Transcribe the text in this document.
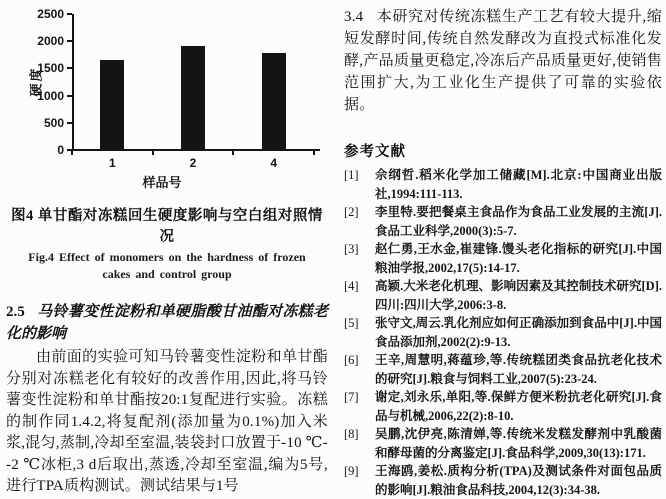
0
500
1000
1500
2000
2500
1	2	4
硬度
样品号
图4 单甘酯对冻糕回生硬度影响与空白组对照情况
Fig.4 Effect of monomers on the hardness of frozen
cakes and control group
2.5 马铃薯变性淀粉和单硬脂酸甘油酯对冻糕老化的影响
由前面的实验可知马铃薯变性淀粉和单甘酯分别对冻糕老化有较好的改善作用,因此,将马铃薯变性淀粉和单甘酯按20:1复配进行实验。冻糕的制作同1.4.2,将复配剂(添加量为0.1%)加入米浆,混匀,蒸制,冷却至室温,装袋封口放置于-10 ℃- -2 ℃冰柜,3 d后取出,蒸透,冷却至室温,编为5号,进行TPA质构测试。测试结果与1号
3.4 本研究对传统冻糕生产工艺有较大提升,缩短发酵时间,传统自然发酵改为直投式标准化发酵,产品质量更稳定,冷冻后产品质量更好,使销售范围扩大,为工业化生产提供了可靠的实验依据。
参考文献
[1]	佘纲哲.稻米化学加工储藏[M].北京:中国商业出版社,1994:111-113.
[2]	李里特.要把餐桌主食品作为食品工业发展的主流[J].食品工业科学,2000(3):5-7.
[3]	赵仁勇,王水金,崔建锋.馒头老化指标的研究[J].中国粮油学报,2002,17(5):14-17.
[4]	高颖.大米老化机理、影响因素及其控制技术研究[D].四川:四川大学,2006:3-8.
[5]	张守文,周云.乳化剂应如何正确添加到食品中[J].中国食品添加剂,2002(2):9-13.
[6]	王辛,周慧明,蒋蕴珍,等.传统糕团类食品抗老化技术的研究[J].粮食与饲料工业,2007(5):23-24.
[7]	谢定,刘永乐,单阳,等.保鲜方便米粉抗老化研究[J].食品与机械,2006,22(2):8-10.
[8]	吴鹏,沈伊亮,陈清婵,等.传统米发糕发酵剂中乳酸菌和酵母菌的分离鉴定[J].食品科学,2009,30(13):171.
[9]	王海鸥,姜松.质构分析(TPA)及测试条件对面包品质的影响[J].粮油食品科技,2004,12(3):34-38.
